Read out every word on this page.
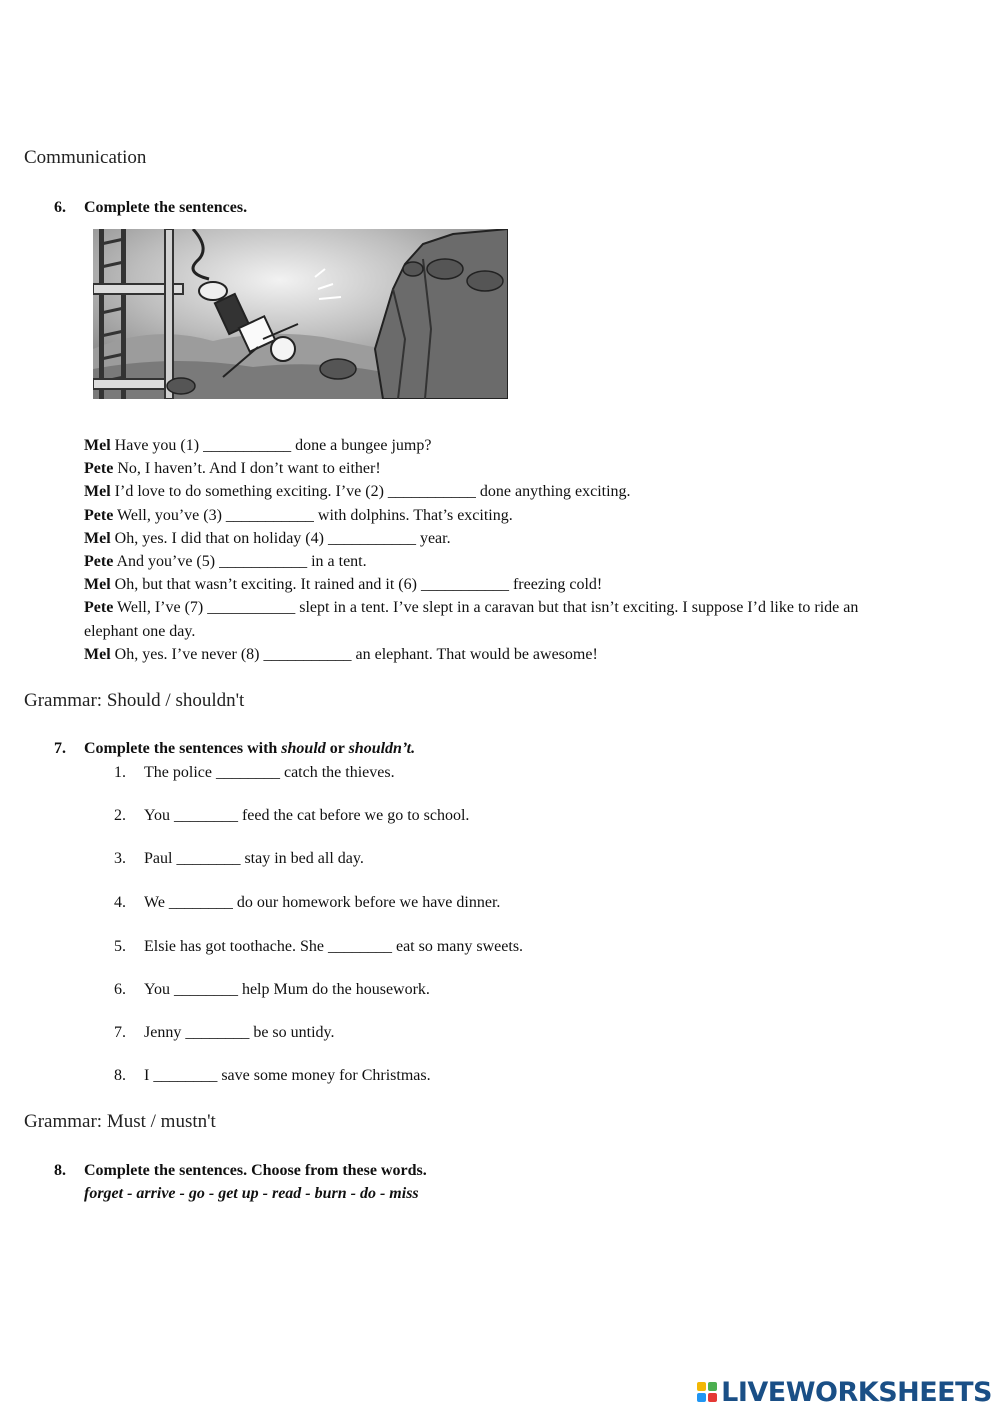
Communication
6. Complete the sentences.
Mel Have you (1) ___________ done a bungee jump?
Pete No, I haven’t. And I don’t want to either!
Mel I’d love to do something exciting. I’ve (2) ___________ done anything exciting.
Pete Well, you’ve (3) ___________ with dolphins. That’s exciting.
Mel Oh, yes. I did that on holiday (4) ___________ year.
Pete And you’ve (5) ___________ in a tent.
Mel Oh, but that wasn’t exciting. It rained and it (6) ___________ freezing cold!
Pete Well, I’ve (7) ___________ slept in a tent. I’ve slept in a caravan but that isn’t exciting. I suppose I’d like to ride an
elephant one day.
Mel Oh, yes. I’ve never (8) ___________ an elephant. That would be awesome!
Grammar: Should / shouldn't
7. Complete the sentences with should or shouldn’t.
1. The police ________ catch the thieves.
2. You ________ feed the cat before we go to school.
3. Paul ________ stay in bed all day.
4. We ________ do our homework before we have dinner.
5. Elsie has got toothache. She ________ eat so many sweets.
6. You ________ help Mum do the housework.
7. Jenny ________ be so untidy.
8. I ________ save some money for Christmas.
Grammar: Must / mustn't
8. Complete the sentences. Choose from these words.
forget - arrive - go - get up - read - burn - do - miss
LIVEWORKSHEETS
